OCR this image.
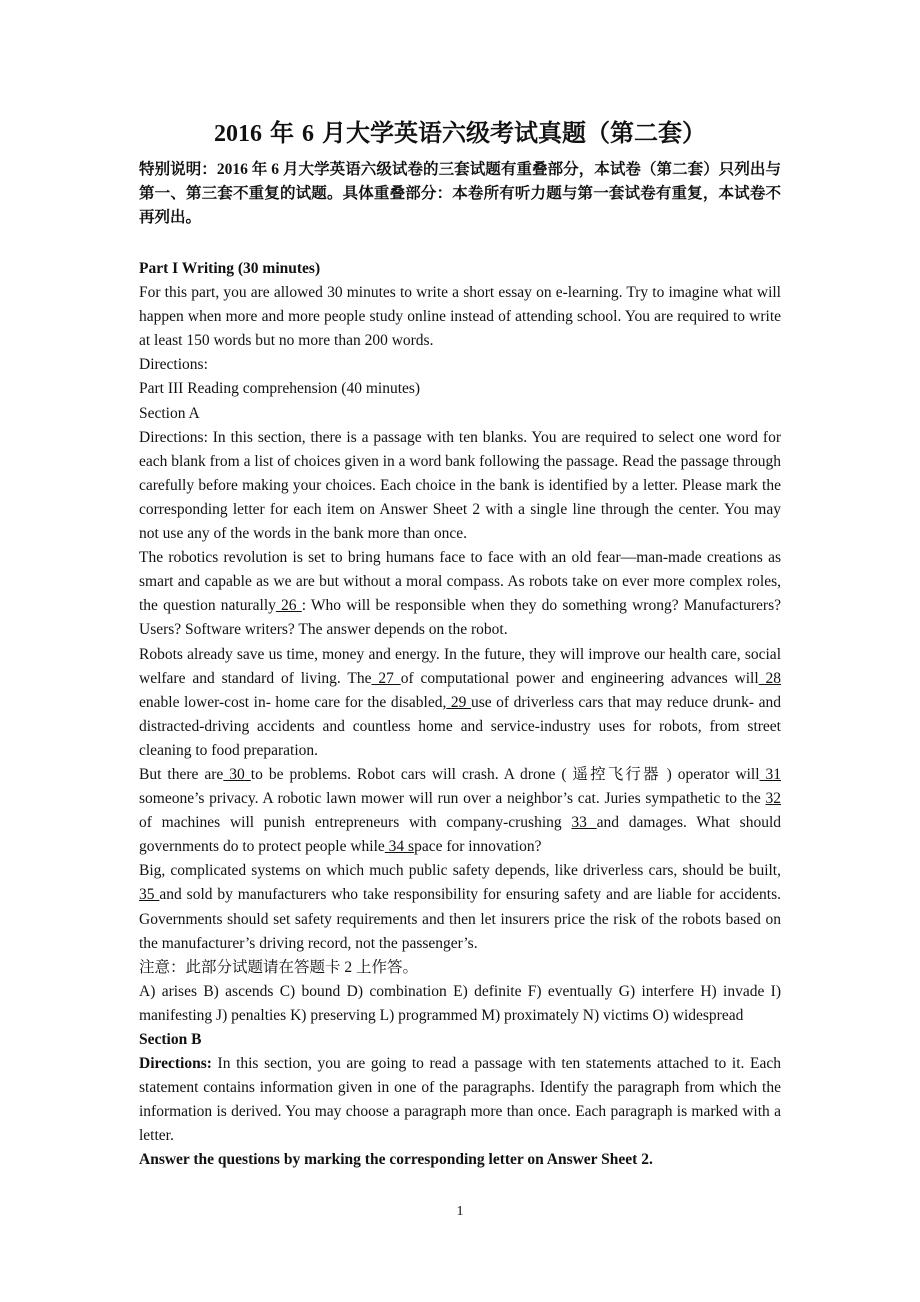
2016 年 6 月大学英语六级考试真题（第二套）
特别说明：2016 年 6 月大学英语六级试卷的三套试题有重叠部分，本试卷（第二套）只列出与第一、第三套不重复的试题。具体重叠部分：本卷所有听力题与第一套试卷有重复，本试卷不再列出。

Part I Writing (30 minutes)

For this part, you are allowed 30 minutes to write a short essay on e-learning. Try to imagine what will happen when more and more people study online instead of attending school. You are required to write at least 150 words but no more than 200 words.

Directions:

Part III Reading comprehension (40 minutes)

Section A

Directions: In this section, there is a passage with ten blanks. You are required to select one word for each blank from a list of choices given in a word bank following the passage. Read the passage through carefully before making your choices. Each choice in the bank is identified by a letter. Please mark the corresponding letter for each item on Answer Sheet 2 with a single line through the center. You may not use any of the words in the bank more than once.

The robotics revolution is set to bring humans face to face with an old fear—man-made creations as smart and capable as we are but without a moral compass. As robots take on ever more complex roles, the question naturally 26 : Who will be responsible when they do something wrong? Manufacturers? Users? Software writers? The answer depends on the robot.

Robots already save us time, money and energy. In the future, they will improve our health care, social welfare and standard of living. The 27 of computational power and engineering advances will 28 enable lower-cost in- home care for the disabled, 29 use of driverless cars that may reduce drunk- and distracted-driving accidents and countless home and service-industry uses for robots, from street cleaning to food preparation.

But there are 30 to be problems. Robot cars will crash. A drone ( 遥控飞行器 ) operator will 31 someone’s privacy. A robotic lawn mower will run over a neighbor’s cat. Juries sympathetic to the 32 of machines will punish entrepreneurs with company-crushing 33 and damages. What should governments do to protect people while 34 space for innovation?

Big, complicated systems on which much public safety depends, like driverless cars, should be built, 35 and sold by manufacturers who take responsibility for ensuring safety and are liable for accidents. Governments should set safety requirements and then let insurers price the risk of the robots based on the manufacturer’s driving record, not the passenger’s.

注意：此部分试题请在答题卡 2 上作答。

A) arises B) ascends C) bound D) combination E) definite F) eventually G) interfere H) invade I) manifesting J) penalties K) preserving L) programmed M) proximately N) victims O) widespread

Section B

Directions: In this section, you are going to read a passage with ten statements attached to it. Each statement contains information given in one of the paragraphs. Identify the paragraph from which the information is derived. You may choose a paragraph more than once. Each paragraph is marked with a letter.

Answer the questions by marking the corresponding letter on Answer Sheet 2.

1
